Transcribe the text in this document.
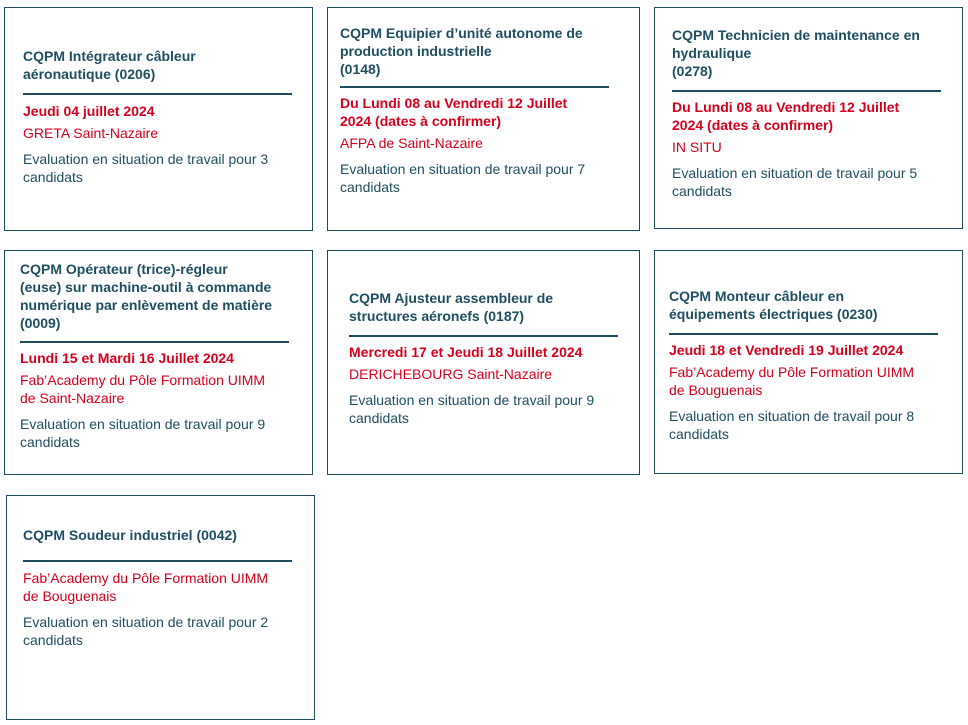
CQPM Intégrateur câbleur
aéronautique (0206)
Jeudi 04 juillet 2024
GRETA Saint-Nazaire
Evaluation en situation de travail pour 3
candidats
CQPM Equipier d’unité autonome de
production industrielle
(0148)
Du Lundi 08 au Vendredi 12 Juillet
2024 (dates à confirmer)
AFPA de Saint-Nazaire
Evaluation en situation de travail pour 7
candidats
CQPM Technicien de maintenance en
hydraulique
(0278)
Du Lundi 08 au Vendredi 12 Juillet
2024 (dates à confirmer)
IN SITU
Evaluation en situation de travail pour 5
candidats
CQPM Opérateur (trice)-régleur
(euse) sur machine-outil à commande
numérique par enlèvement de matière
(0009)
Lundi 15 et Mardi 16 Juillet 2024
Fab’Academy du Pôle Formation UIMM
de Saint-Nazaire
Evaluation en situation de travail pour 9
candidats
CQPM Ajusteur assembleur de
structures aéronefs (0187)
Mercredi 17 et Jeudi 18 Juillet 2024
DERICHEBOURG Saint-Nazaire
Evaluation en situation de travail pour 9
candidats
CQPM Monteur câbleur en
équipements électriques (0230)
Jeudi 18 et Vendredi 19 Juillet 2024
Fab’Academy du Pôle Formation UIMM
de Bouguenais
Evaluation en situation de travail pour 8
candidats
CQPM Soudeur industriel (0042)
Fab’Academy du Pôle Formation UIMM
de Bouguenais
Evaluation en situation de travail pour 2
candidats
